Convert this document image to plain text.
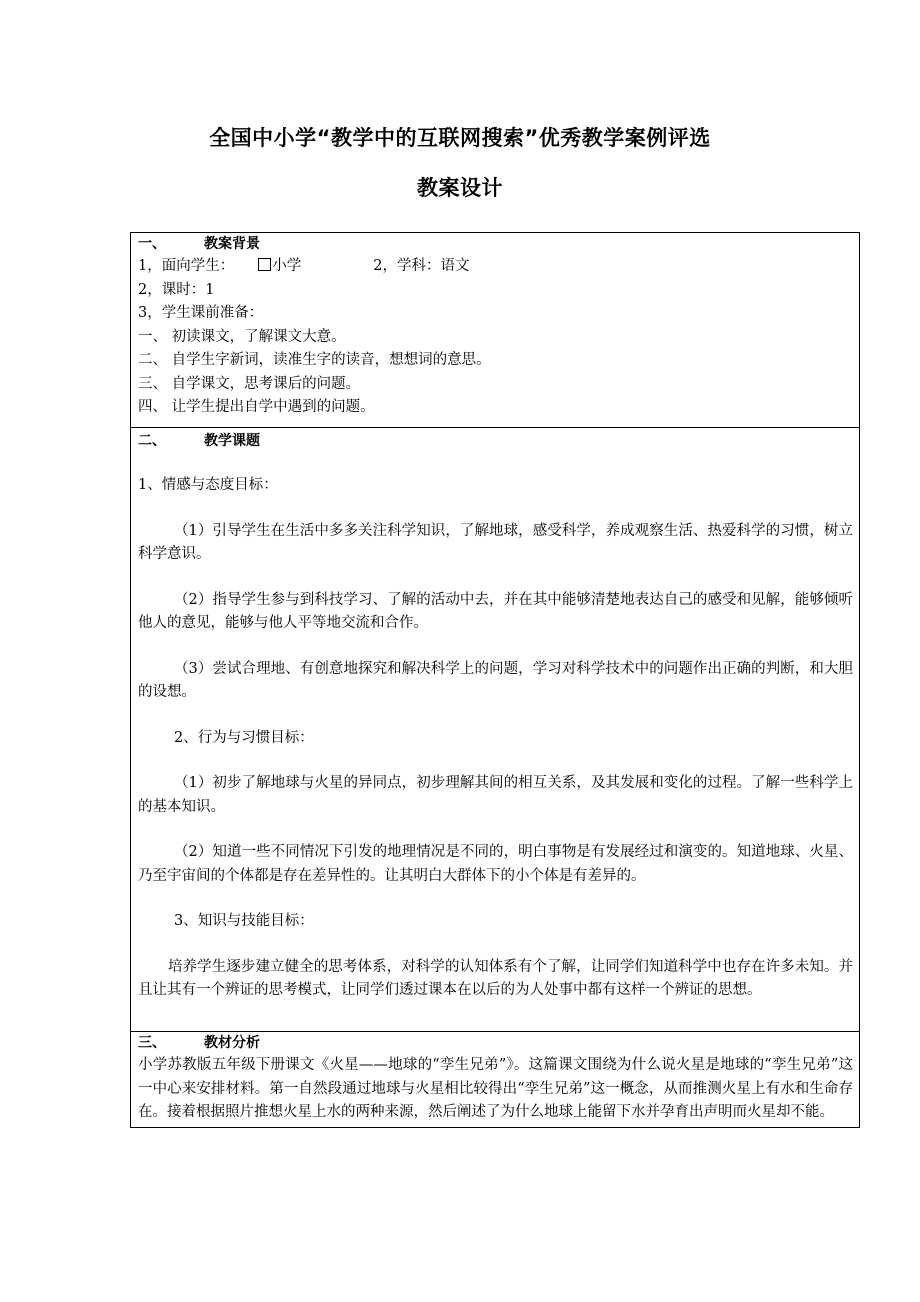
全国中小学“教学中的互联网搜索”优秀教学案例评选
教案设计

一、	教案背景

1，面向学生：	小学	2，学科：语文

2，课时：1

3，学生课前准备：

一、 初读课文，了解课文大意。

二、 自学生字新词，读准生字的读音，想想词的意思。

三、 自学课文，思考课后的问题。

四、 让学生提出自学中遇到的问题。

二、	教学课题

1、情感与态度目标：

（1）引导学生在生活中多多关注科学知识，了解地球，感受科学，养成观察生活、热爱科学的习惯，树立科学意识。

（2）指导学生参与到科技学习、了解的活动中去，并在其中能够清楚地表达自己的感受和见解，能够倾听他人的意见，能够与他人平等地交流和合作。

（3）尝试合理地、有创意地探究和解决科学上的问题，学习对科学技术中的问题作出正确的判断，和大胆的设想。

2、行为与习惯目标：

（1）初步了解地球与火星的异同点，初步理解其间的相互关系，及其发展和变化的过程。了解一些科学上的基本知识。

（2）知道一些不同情况下引发的地理情况是不同的，明白事物是有发展经过和演变的。知道地球、火星、乃至宇宙间的个体都是存在差异性的。让其明白大群体下的小个体是有差异的。

3、知识与技能目标：

培养学生逐步建立健全的思考体系，对科学的认知体系有个了解，让同学们知道科学中也存在许多未知。并且让其有一个辨证的思考模式，让同学们透过课本在以后的为人处事中都有这样一个辨证的思想。

三、	教材分析

小学苏教版五年级下册课文《火星——地球的“孪生兄弟”》。这篇课文围绕为什么说火星是地球的“孪生兄弟”这一中心来安排材料。第一自然段通过地球与火星相比较得出“孪生兄弟”这一概念，从而推测火星上有水和生命存在。接着根据照片推想火星上水的两种来源，然后阐述了为什么地球上能留下水并孕育出声明而火星却不能。
